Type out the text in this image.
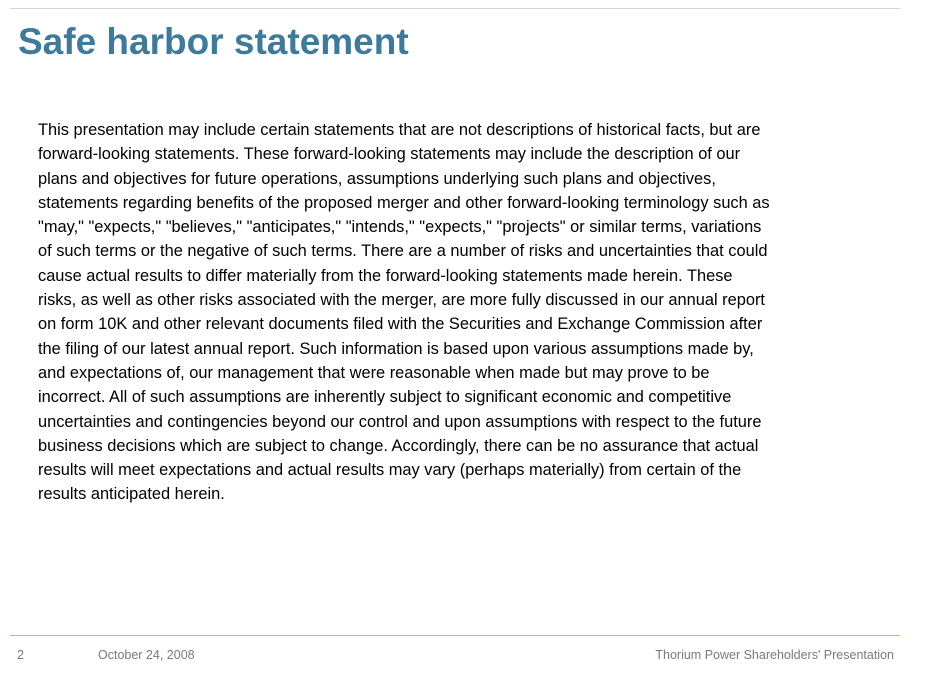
Safe harbor statement
This presentation may include certain statements that are not descriptions of historical facts, but are
forward-looking statements. These forward-looking statements may include the description of our
plans and objectives for future operations, assumptions underlying such plans and objectives,
statements regarding benefits of the proposed merger and other forward-looking terminology such as
"may," "expects," "believes," "anticipates," "intends," "expects," "projects" or similar terms, variations
of such terms or the negative of such terms. There are a number of risks and uncertainties that could
cause actual results to differ materially from the forward-looking statements made herein. These
risks, as well as other risks associated with the merger, are more fully discussed in our annual report
on form 10K and other relevant documents filed with the Securities and Exchange Commission after
the filing of our latest annual report. Such information is based upon various assumptions made by,
and expectations of, our management that were reasonable when made but may prove to be
incorrect. All of such assumptions are inherently subject to significant economic and competitive
uncertainties and contingencies beyond our control and upon assumptions with respect to the future
business decisions which are subject to change. Accordingly, there can be no assurance that actual
results will meet expectations and actual results may vary (perhaps materially) from certain of the
results anticipated herein.
2	October 24, 2008	Thorium Power Shareholders' Presentation
